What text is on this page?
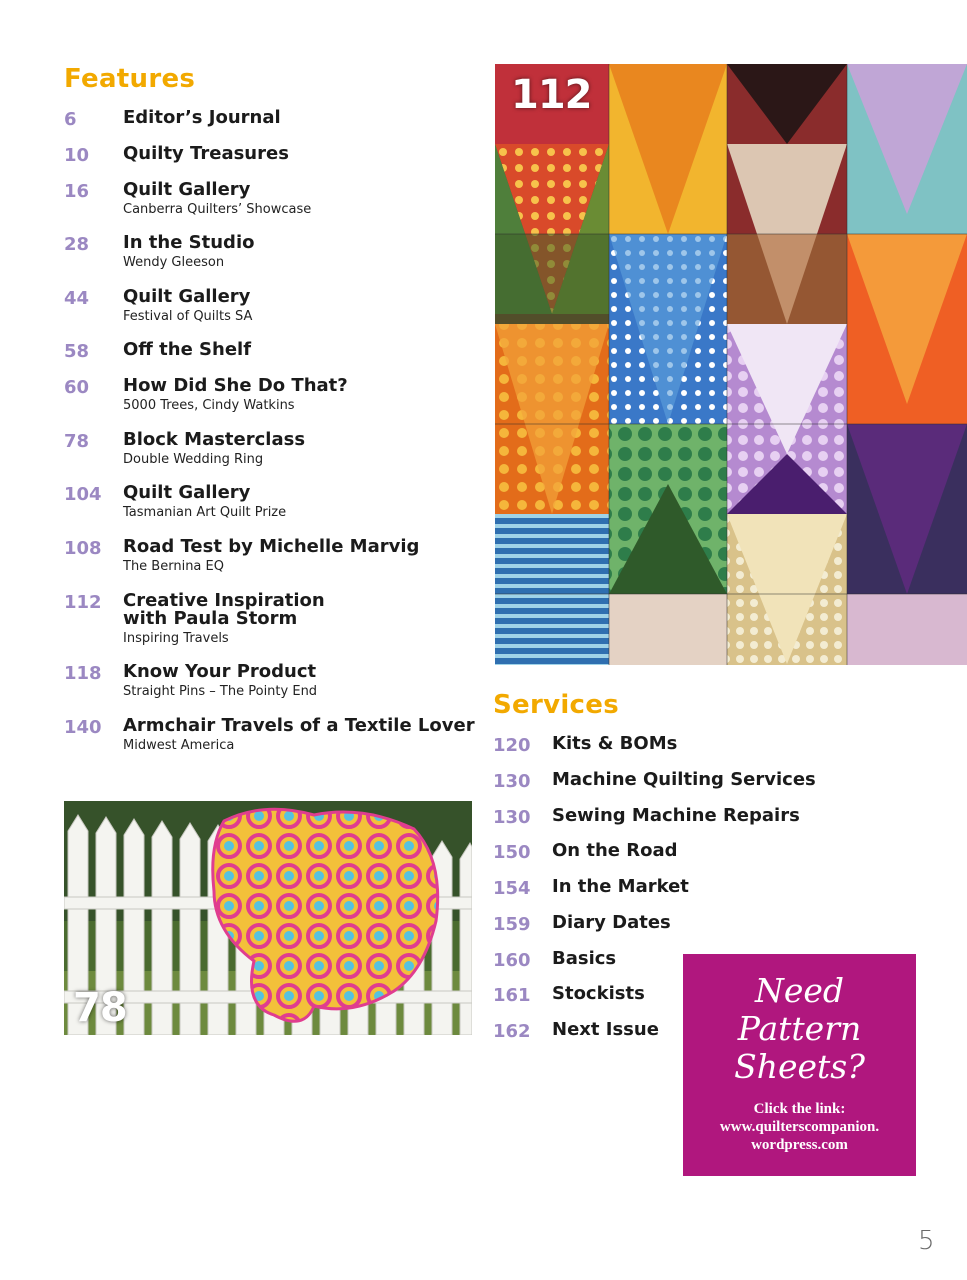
Features
6	Editor’s Journal
10 Quilty Treasures
16 Quilt Gallery
Canberra Quilters’ Showcase
28 In the Studio
Wendy Gleeson
44 Quilt Gallery
Festival of Quilts SA
58 Off the Shelf
60 How Did She Do That?
5000 Trees, Cindy Watkins
78 Block Masterclass
Double Wedding Ring
104 Quilt Gallery
Tasmanian Art Quilt Prize
108 Road Test by Michelle Marvig
The Bernina EQ
112 Creative Inspiration
with Paula Storm
Inspiring Travels
118 Know Your Product
Straight Pins – The Pointy End
140 Armchair Travels of a Textile Lover
Midwest America
112
78
Services
120 Kits & BOMs
130 Machine Quilting Services
130 Sewing Machine Repairs
150 On the Road
154 In the Market
159 Diary Dates
160 Basics
161 Stockists
162 Next Issue
Need
Pattern
Sheets?
Click the link:
www.quilterscompanion.
wordpress.com
5
